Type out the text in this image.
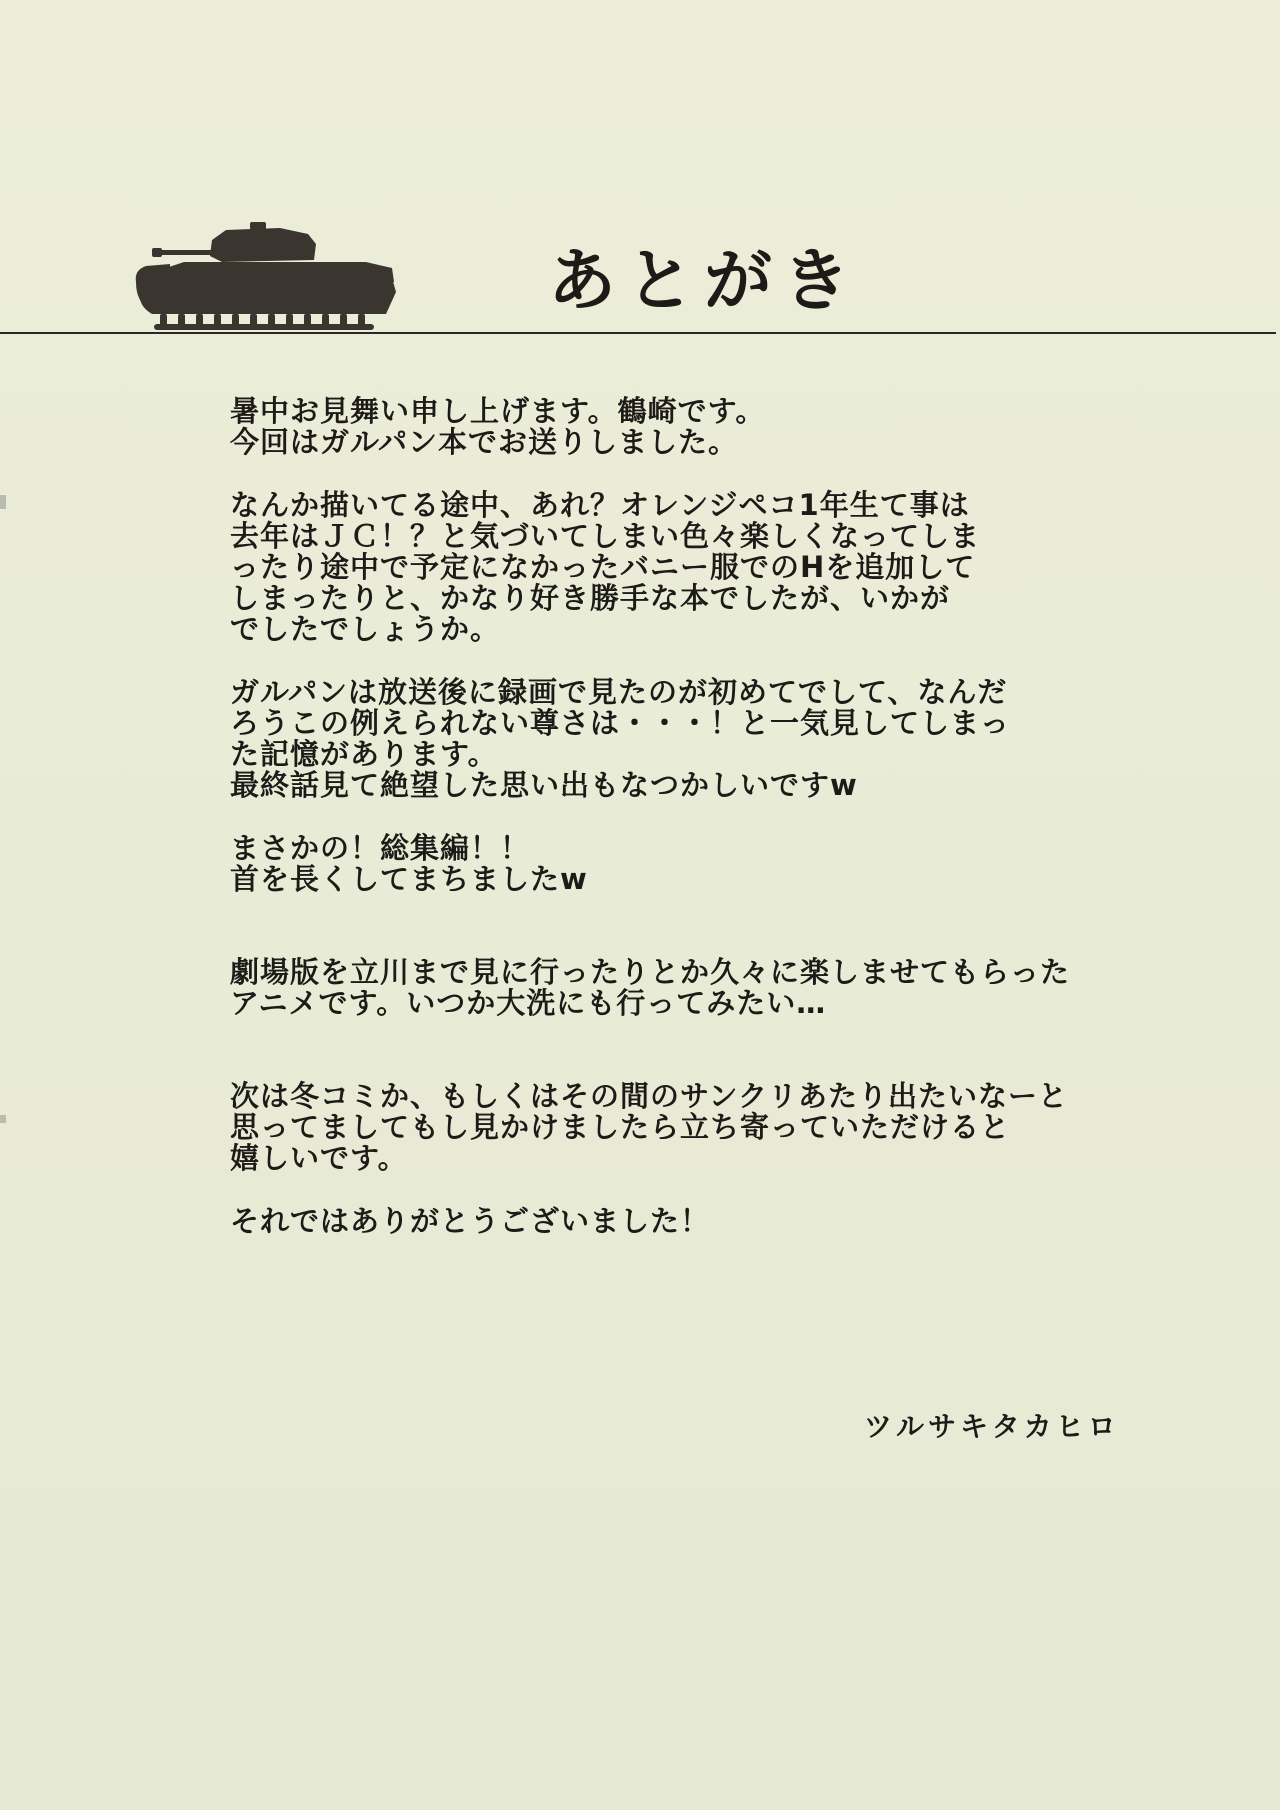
あとがき
暑中お見舞い申し上げます。鶴崎です。
今回はガルパン本でお送りしました。
なんか描いてる途中、あれ？オレンジペコ1年生て事は
去年はＪＣ！？と気づいてしまい色々楽しくなってしま
ったり途中で予定になかったバニー服でのHを追加して
しまったりと、かなり好き勝手な本でしたが、いかが
でしたでしょうか。
ガルパンは放送後に録画で見たのが初めてでして、なんだ
ろうこの例えられない尊さは・・・！と一気見してしまっ
た記憶があります。
最終話見て絶望した思い出もなつかしいですw
まさかの！総集編！！
首を長くしてまちましたw
劇場版を立川まで見に行ったりとか久々に楽しませてもらった
アニメです。いつか大洗にも行ってみたい…
次は冬コミか、もしくはその間のサンクリあたり出たいなーと
思ってましてもし見かけましたら立ち寄っていただけると
嬉しいです。
それではありがとうございました！
ツルサキタカヒロ
